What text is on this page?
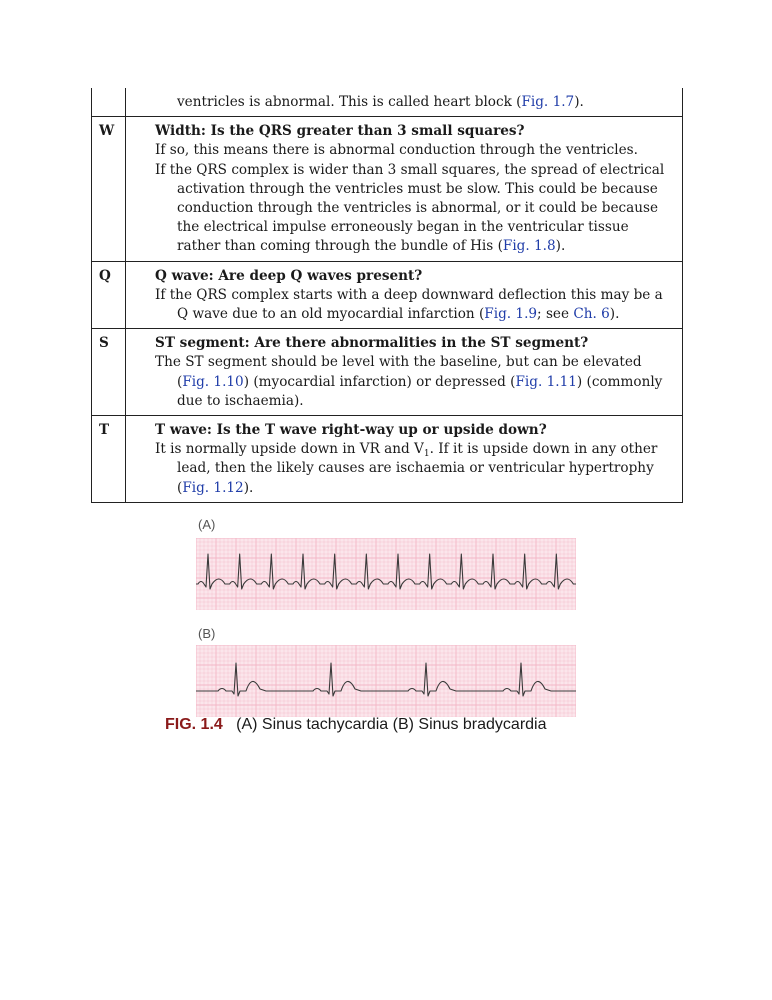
ventricles is abnormal. This is called heart block (Fig. 1.7).
W	Width: Is the QRS greater than 3 small squares?
If so, this means there is abnormal conduction through the ventricles.
If the QRS complex is wider than 3 small squares, the spread of electrical activation through the ventricles must be slow. This could be because conduction through the ventricles is abnormal, or it could be because the electrical impulse erroneously began in the ventricular tissue rather than coming through the bundle of His (Fig. 1.8).
Q	Q wave: Are deep Q waves present?
If the QRS complex starts with a deep downward deflection this may be a Q wave due to an old myocardial infarction (Fig. 1.9; see Ch. 6).
S	ST segment: Are there abnormalities in the ST segment?
The ST segment should be level with the baseline, but can be elevated (Fig. 1.10) (myocardial infarction) or depressed (Fig. 1.11) (commonly due to ischaemia).
T	T wave: Is the T wave right-way up or upside down?
It is normally upside down in VR and $V_1$. If it is upside down in any other lead, then the likely causes are ischaemia or ventricular hypertrophy (Fig. 1.12).
(A)
(B)
FIG. 1.4 (A) Sinus tachycardia (B) Sinus bradycardia
